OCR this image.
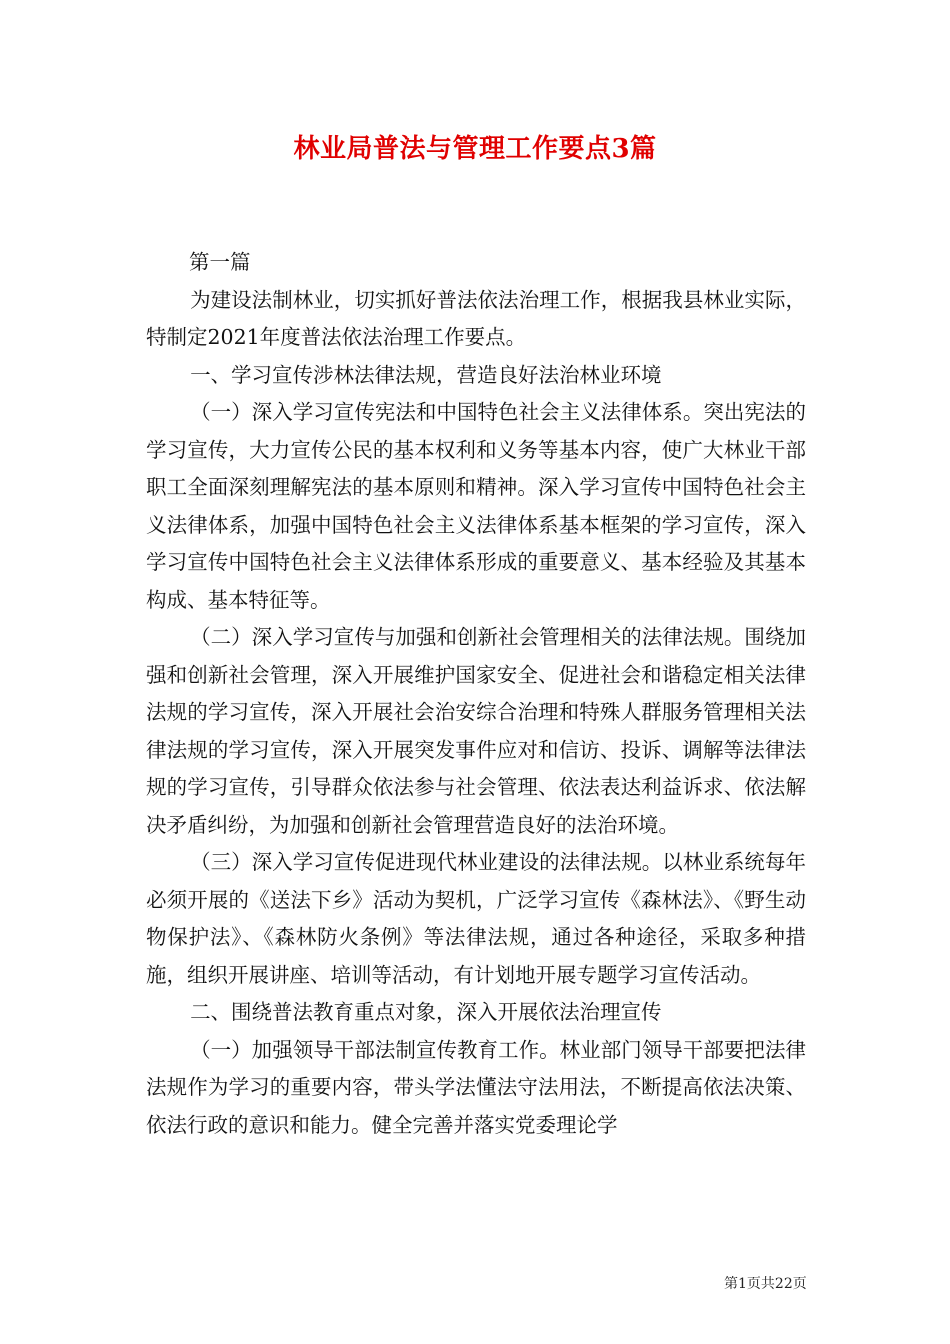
林业局普法与管理工作要点3篇

第一篇

为建设法制林业，切实抓好普法依法治理工作，根据我县林业实际，特制定2021年度普法依法治理工作要点。

一、学习宣传涉林法律法规，营造良好法治林业环境

（一）深入学习宣传宪法和中国特色社会主义法律体系。突出宪法的学习宣传，大力宣传公民的基本权利和义务等基本内容，使广大林业干部职工全面深刻理解宪法的基本原则和精神。深入学习宣传中国特色社会主义法律体系，加强中国特色社会主义法律体系基本框架的学习宣传，深入学习宣传中国特色社会主义法律体系形成的重要意义、基本经验及其基本构成、基本特征等。

（二）深入学习宣传与加强和创新社会管理相关的法律法规。围绕加强和创新社会管理，深入开展维护国家安全、促进社会和谐稳定相关法律法规的学习宣传，深入开展社会治安综合治理和特殊人群服务管理相关法律法规的学习宣传，深入开展突发事件应对和信访、投诉、调解等法律法规的学习宣传，引导群众依法参与社会管理、依法表达利益诉求、依法解决矛盾纠纷，为加强和创新社会管理营造良好的法治环境。

（三）深入学习宣传促进现代林业建设的法律法规。以林业系统每年必须开展的《送法下乡》活动为契机，广泛学习宣传《森林法》、《野生动物保护法》、《森林防火条例》等法律法规，通过各种途径，采取多种措施，组织开展讲座、培训等活动，有计划地开展专题学习宣传活动。

二、围绕普法教育重点对象，深入开展依法治理宣传

（一）加强领导干部法制宣传教育工作。林业部门领导干部要把法律法规作为学习的重要内容，带头学法懂法守法用法，不断提高依法决策、依法行政的意识和能力。健全完善并落实党委理论学

第1页共22页
